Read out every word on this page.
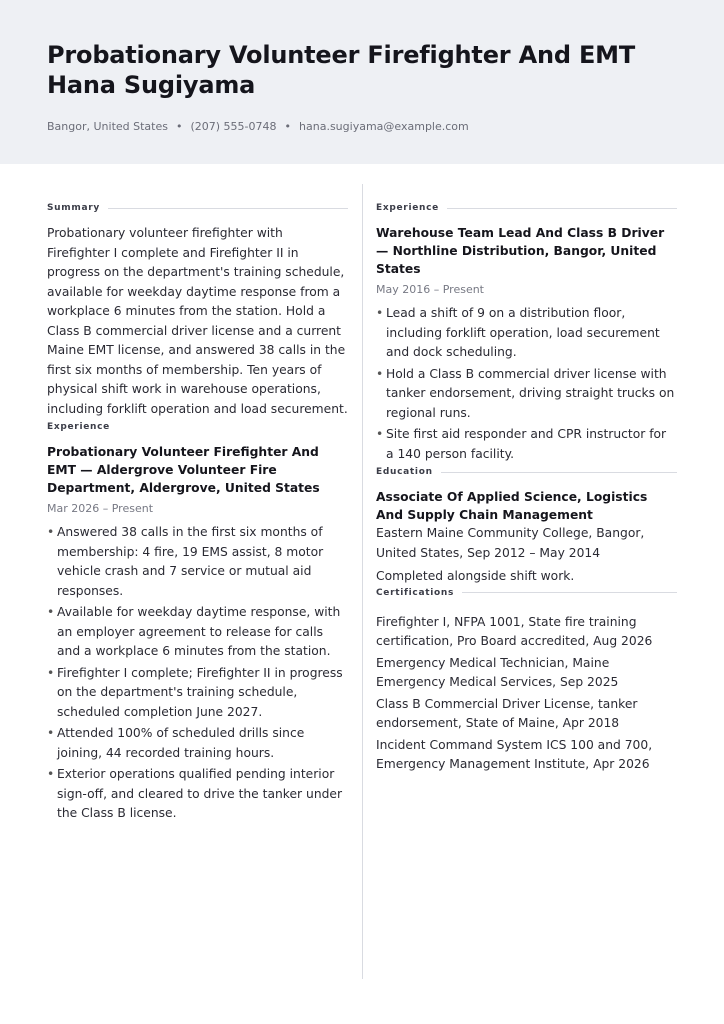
Probationary Volunteer Firefighter And EMT
Hana Sugiyama
Bangor, United States • (207) 555-0748 • hana.sugiyama@example.com
Summary

Probationary volunteer firefighter with Firefighter I complete and Firefighter II in progress on the department's training schedule, available for weekday daytime response from a workplace 6 minutes from the station. Hold a Class B commercial driver license and a current Maine EMT license, and answered 38 calls in the first six months of membership. Ten years of physical shift work in warehouse operations, including forklift operation and load securement.

Experience
Probationary Volunteer Firefighter And EMT — Aldergrove Volunteer Fire Department, Aldergrove, United States
Mar 2026 – Present
• Answered 38 calls in the first six months of membership: 4 fire, 19 EMS assist, 8 motor vehicle crash and 7 service or mutual aid responses.
• Available for weekday daytime response, with an employer agreement to release for calls and a workplace 6 minutes from the station.
• Firefighter I complete; Firefighter II in progress on the department's training schedule, scheduled completion June 2027.
• Attended 100% of scheduled drills since joining, 44 recorded training hours.
• Exterior operations qualified pending interior sign-off, and cleared to drive the tanker under the Class B license.
Experience
Warehouse Team Lead And Class B Driver — Northline Distribution, Bangor, United States
May 2016 – Present
• Lead a shift of 9 on a distribution floor, including forklift operation, load securement and dock scheduling.
• Hold a Class B commercial driver license with tanker endorsement, driving straight trucks on regional runs.
• Site first aid responder and CPR instructor for a 140 person facility.
Education
Associate Of Applied Science, Logistics And Supply Chain Management
Eastern Maine Community College, Bangor, United States, Sep 2012 – May 2014
Completed alongside shift work.
Certifications
Firefighter I, NFPA 1001, State fire training certification, Pro Board accredited, Aug 2026
Emergency Medical Technician, Maine Emergency Medical Services, Sep 2025
Class B Commercial Driver License, tanker endorsement, State of Maine, Apr 2018
Incident Command System ICS 100 and 700, Emergency Management Institute, Apr 2026
